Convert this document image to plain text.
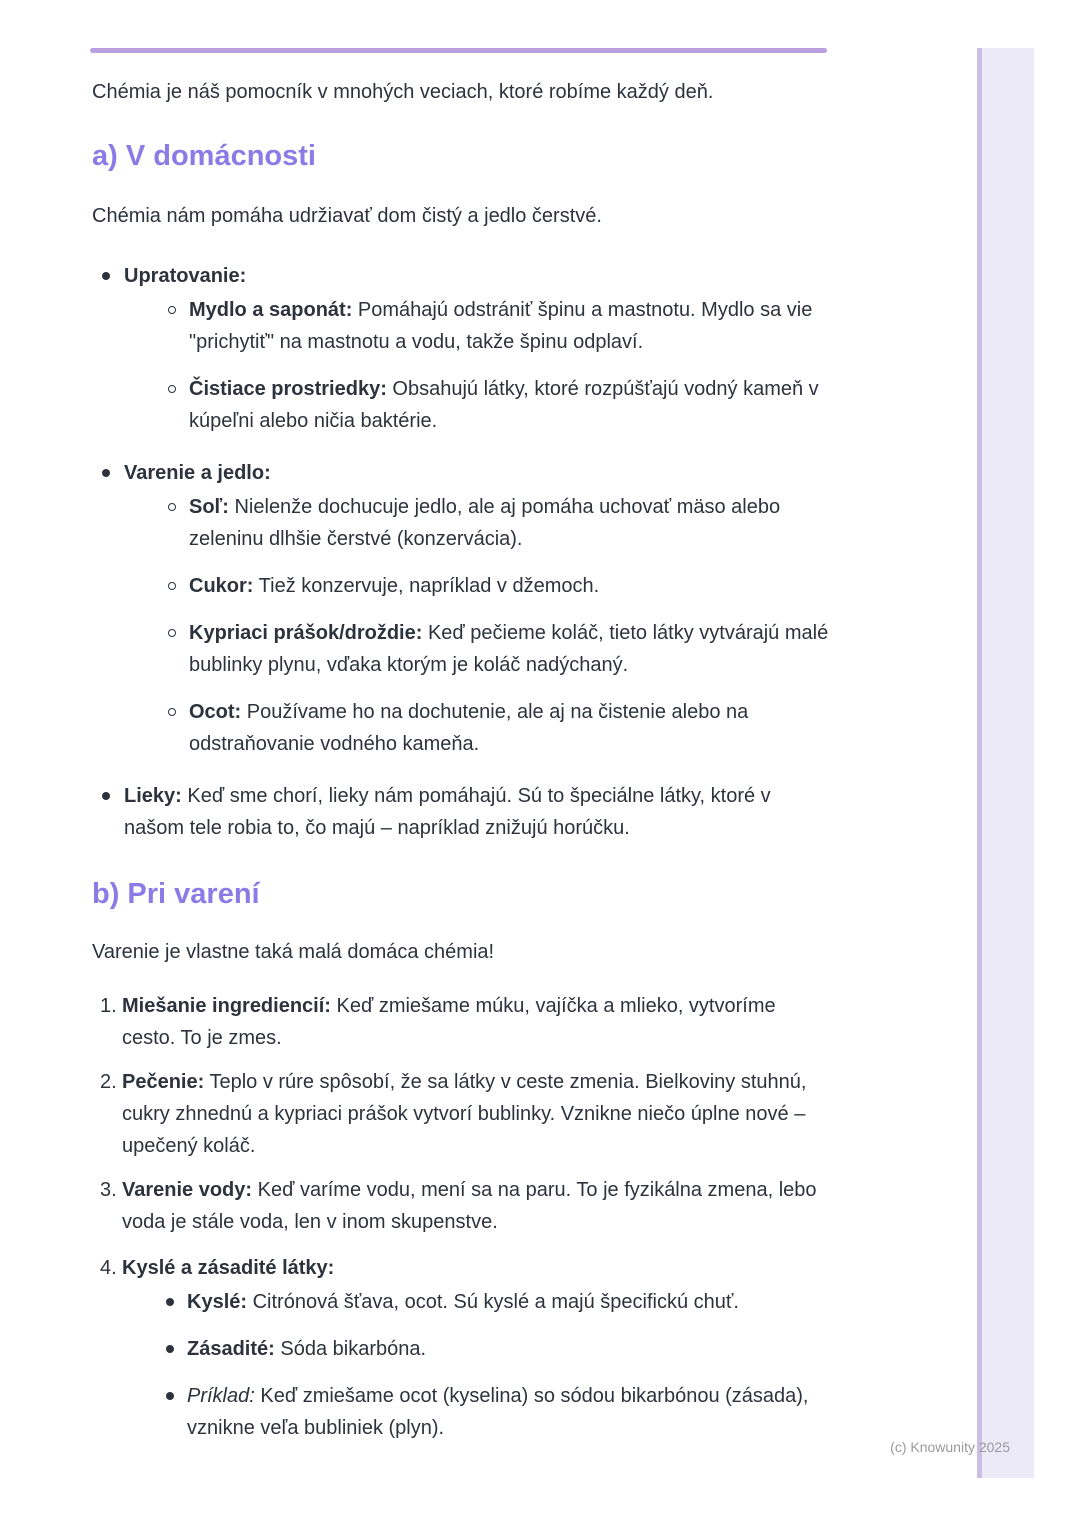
Chémia je náš pomocník v mnohých veciach, ktoré robíme každý deň.

a) V domácnosti

Chémia nám pomáha udržiavať dom čistý a jedlo čerstvé.

Upratovanie:
Mydlo a saponát: Pomáhajú odstrániť špinu a mastnotu. Mydlo sa vie "prichytiť" na mastnotu a vodu, takže špinu odplaví.
Čistiace prostriedky: Obsahujú látky, ktoré rozpúšťajú vodný kameň v kúpeľni alebo ničia baktérie.
Varenie a jedlo:
Soľ: Nielenže dochucuje jedlo, ale aj pomáha uchovať mäso alebo zeleninu dlhšie čerstvé (konzervácia).
Cukor: Tiež konzervuje, napríklad v džemoch.
Kypriaci prášok/droždie: Keď pečieme koláč, tieto látky vytvárajú malé bublinky plynu, vďaka ktorým je koláč nadýchaný.
Ocot: Používame ho na dochutenie, ale aj na čistenie alebo na odstraňovanie vodného kameňa.
Lieky: Keď sme chorí, lieky nám pomáhajú. Sú to špeciálne látky, ktoré v našom tele robia to, čo majú – napríklad znižujú horúčku.
b) Pri varení

Varenie je vlastne taká malá domáca chémia!

1. Miešanie ingrediencií: Keď zmiešame múku, vajíčka a mlieko, vytvoríme cesto. To je zmes.
2. Pečenie: Teplo v rúre spôsobí, že sa látky v ceste zmenia. Bielkoviny stuhnú, cukry zhnednú a kypriaci prášok vytvorí bublinky. Vznikne niečo úplne nové – upečený koláč.
3. Varenie vody: Keď varíme vodu, mení sa na paru. To je fyzikálna zmena, lebo voda je stále voda, len v inom skupenstve.
4. Kyslé a zásadité látky:
Kyslé: Citrónová šťava, ocot. Sú kyslé a majú špecifickú chuť.
Zásadité: Sóda bikarbóna.
Príklad: Keď zmiešame ocot (kyselina) so sódou bikarbónou (zásada), vznikne veľa bubliniek (plyn).
(c) Knowunity 2025
